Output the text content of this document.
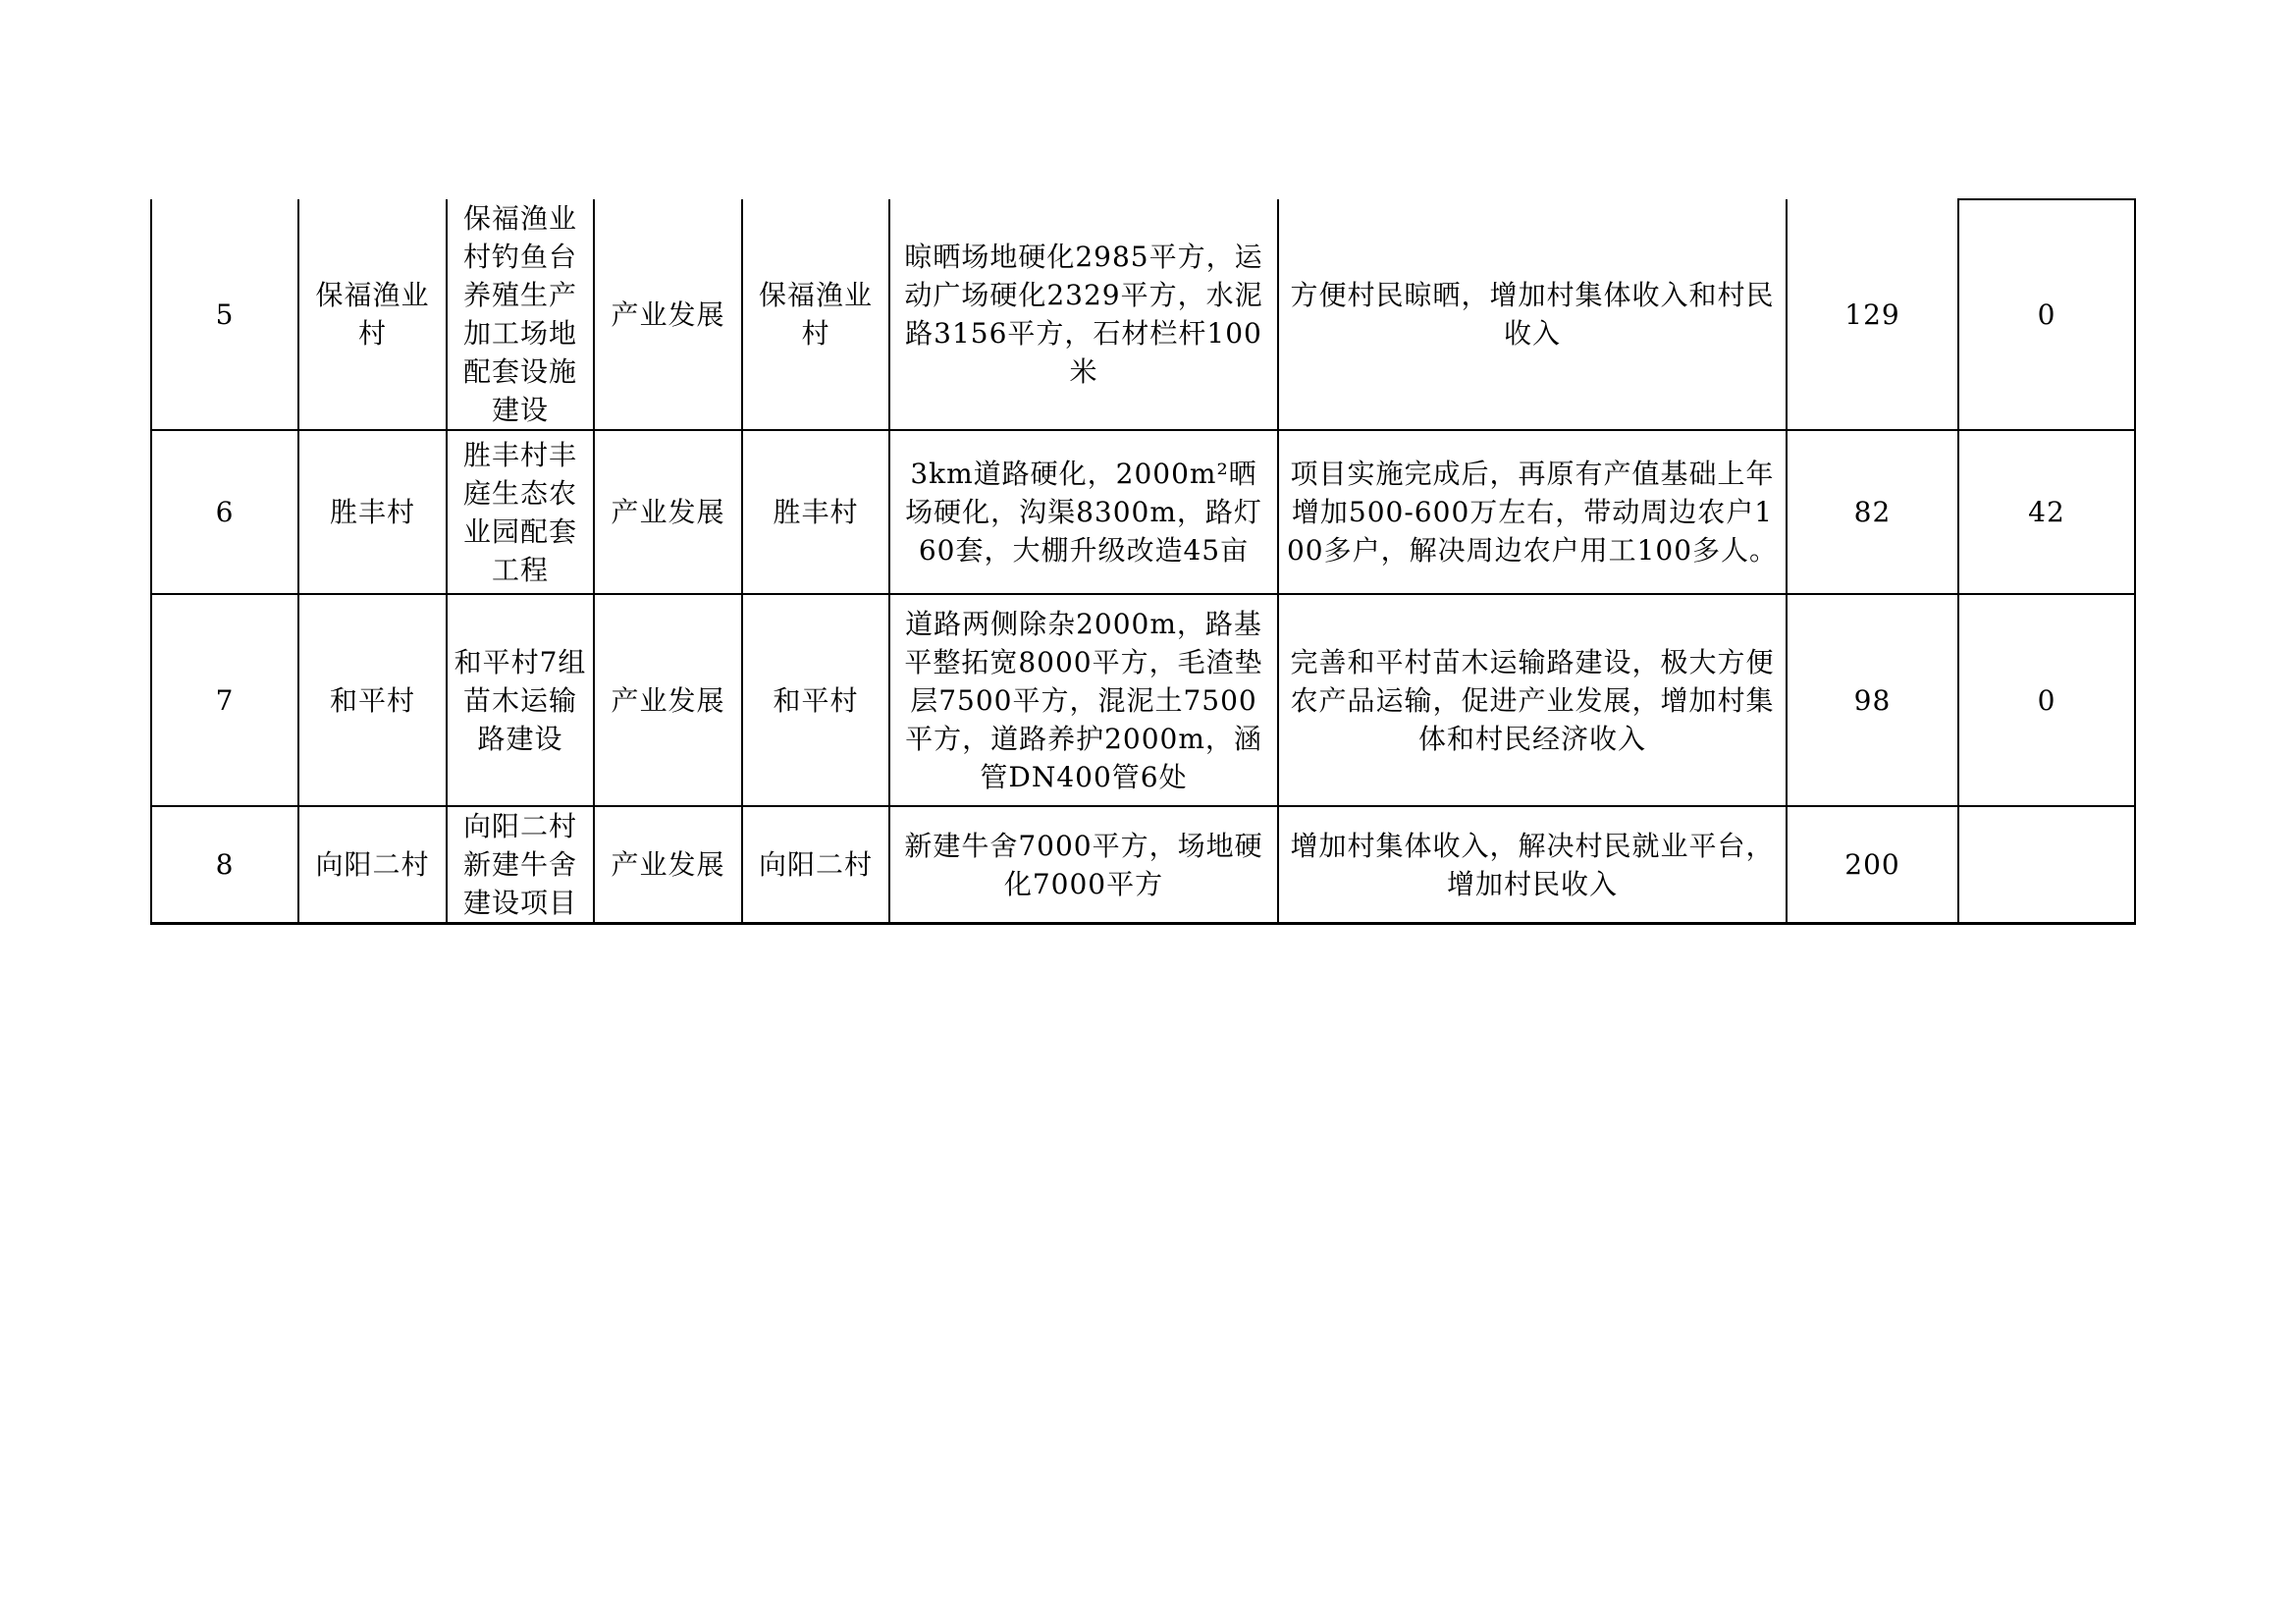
5	保福渔业村	保福渔业村钓鱼台养殖生产加工场地配套设施建设	产业发展	保福渔业村	晾晒场地硬化2985平方，运动广场硬化2329平方，水泥路3156平方，石材栏杆100米	方便村民晾晒，增加村集体收入和村民收入	129	0
6	胜丰村	胜丰村丰庭生态农业园配套工程	产业发展	胜丰村	3km道路硬化，2000m²晒场硬化，沟渠8300m，路灯60套，大棚升级改造45亩	项目实施完成后，再原有产值基础上年增加500-600万左右，带动周边农户100多户，解决周边农户用工100多人。	82	42
7	和平村	和平村7组苗木运输路建设	产业发展	和平村	道路两侧除杂2000m，路基平整拓宽8000平方，毛渣垫层7500平方，混泥土7500平方，道路养护2000m，涵管DN400管6处	完善和平村苗木运输路建设，极大方便农产品运输，促进产业发展，增加村集体和村民经济收入	98	0
8	向阳二村	向阳二村新建牛舍建设项目	产业发展	向阳二村	新建牛舍7000平方，场地硬化7000平方	增加村集体收入，解决村民就业平台，增加村民收入	200	
